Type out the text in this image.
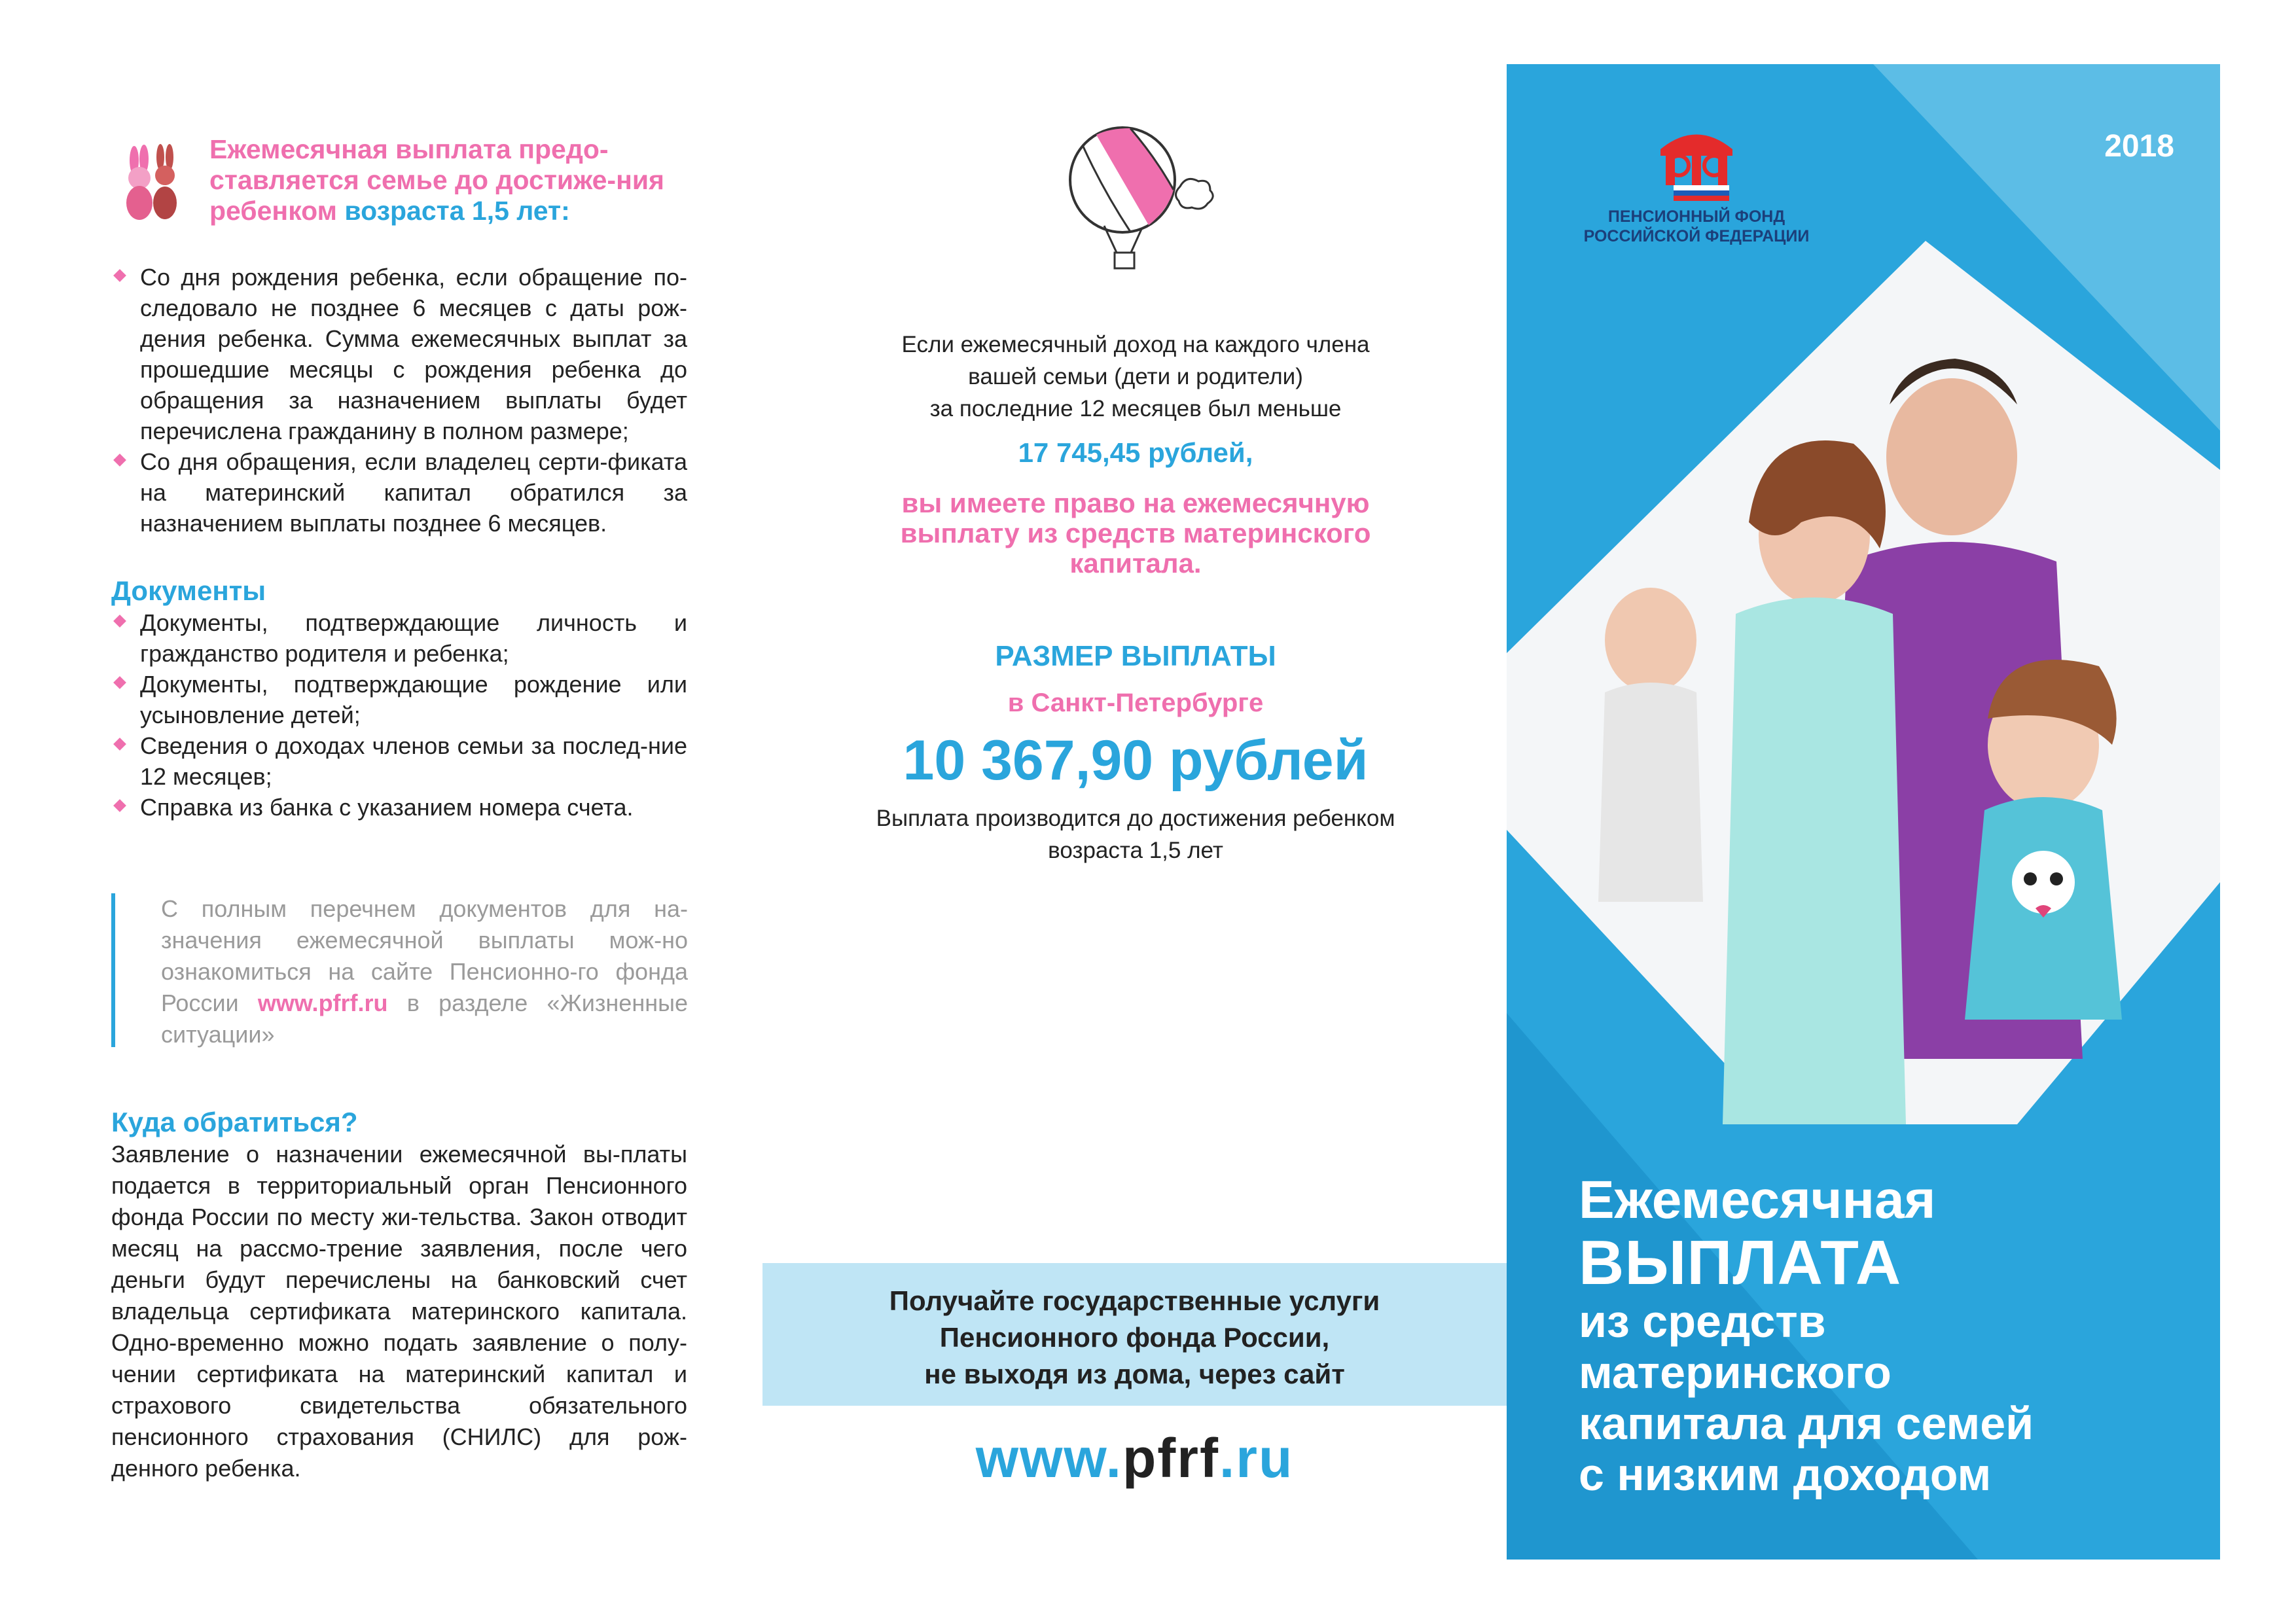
Ежемесячная выплата предо-ставляется семье до достиже-ния ребенком возраста 1,5 лет:
Со дня рождения ребенка, если обращение по-следовало не позднее 6 месяцев с даты рож-дения ребенка. Сумма ежемесячных выплат за прошедшие месяцы с рождения ребенка до обращения за назначением выплаты будет перечислена гражданину в полном размере;
Со дня обращения, если владелец серти-фиката на материнский капитал обратился за назначением выплаты позднее 6 месяцев.
Документы
Документы, подтверждающие личность и гражданство родителя и ребенка;
Документы, подтверждающие рождение или усыновление детей;
Сведения о доходах членов семьи за послед-ние 12 месяцев;
Справка из банка с указанием номера счета.

С полным перечнем документов для на-значения ежемесячной выплаты мож-но ознакомиться на сайте Пенсионно-го фонда России www.pfrf.ru в разделе «Жизненные ситуации»

Куда обратиться?

Заявление о назначении ежемесячной вы-платы подается в территориальный орган Пенсионного фонда России по месту жи-тельства. Закон отводит месяц на рассмо-трение заявления, после чего деньги будут перечислены на банковский счет владельца сертификата материнского капитала. Одно-временно можно подать заявление о полу-чении сертификата на материнский капитал и страхового свидетельства обязательного пенсионного страхования (СНИЛС) для рож-денного ребенка.

Если ежемесячный доход на каждого члена
вашей семьи (дети и родители)
за последние 12 месяцев был меньше
17 745,45 рублей,
вы имеете право на ежемесячную
выплату из средств материнского
капитала.
РАЗМЕР ВЫПЛАТЫ
в Санкт-Петербурге
10 367,90 рублей
Выплата производится до достижения ребенком
возраста 1,5 лет

Получайте государственные услуги
Пенсионного фонда России,
не выходя из дома, через сайт

www.pfrf.ru
2018
ПЕНСИОННЫЙ ФОНД
РОССИЙСКОЙ ФЕДЕРАЦИИ
Ежемесячная
ВЫПЛАТА
из средств
материнского
капитала для семей
с низким доходом
